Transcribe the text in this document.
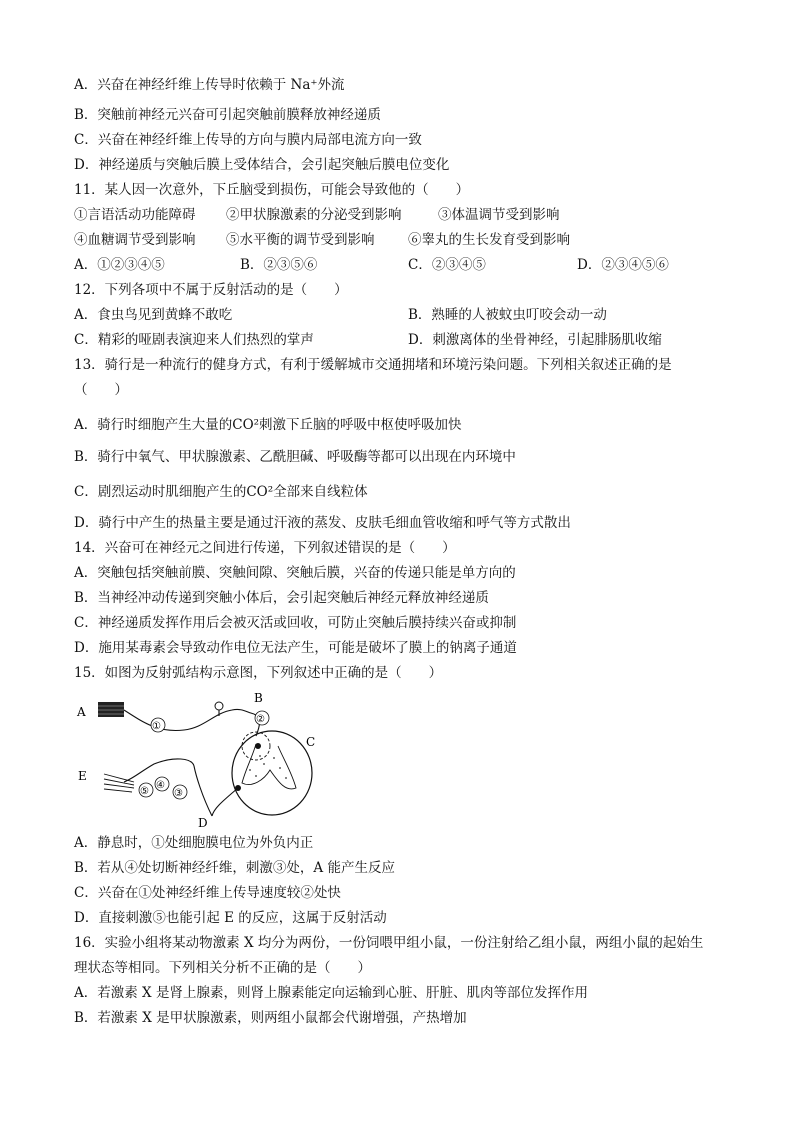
A．兴奋在神经纤维上传导时依赖于 Na⁺外流
B．突触前神经元兴奋可引起突触前膜释放神经递质
C．兴奋在神经纤维上传导的方向与膜内局部电流方向一致
D．神经递质与突触后膜上受体结合，会引起突触后膜电位变化
11．某人因一次意外，下丘脑受到损伤，可能会导致他的（　　）
①言语活动功能障碍 ②甲状腺激素的分泌受到影响	③体温调节受到影响
④血糖调节受到影响 ⑤水平衡的调节受到影响 ⑥睾丸的生长发育受到影响
A．①②③④⑤	B．②③⑤⑥	C．②③④⑤	D．②③④⑤⑥
12．下列各项中不属于反射活动的是（　　）
A．食虫鸟见到黄蜂不敢吃	B．熟睡的人被蚊虫叮咬会动一动
C．精彩的哑剧表演迎来人们热烈的掌声	D．刺激离体的坐骨神经，引起腓肠肌收缩
13．骑行是一种流行的健身方式，有利于缓解城市交通拥堵和环境污染问题。下列相关叙述正确的是
（　　）
A．骑行时细胞产生大量的CO²刺激下丘脑的呼吸中枢使呼吸加快
B．骑行中氧气、甲状腺激素、乙酰胆碱、呼吸酶等都可以出现在内环境中
C．剧烈运动时肌细胞产生的CO²全部来自线粒体
D．骑行中产生的热量主要是通过汗液的蒸发、皮肤毛细血管收缩和呼气等方式散出
14．兴奋可在神经元之间进行传递，下列叙述错误的是（　　）
A．突触包括突触前膜、突触间隙、突触后膜，兴奋的传递只能是单方向的
B．当神经冲动传递到突触小体后，会引起突触后神经元释放神经递质
C．神经递质发挥作用后会被灭活或回收，可防止突触后膜持续兴奋或抑制
D．施用某毒素会导致动作电位无法产生，可能是破坏了膜上的钠离子通道
15．如图为反射弧结构示意图，下列叙述中正确的是（　　）
A
B
C
D
E
①
②
③
④
⑤
A．静息时，①处细胞膜电位为外负内正
B．若从④处切断神经纤维，刺激③处，A 能产生反应
C．兴奋在①处神经纤维上传导速度较②处快
D．直接刺激⑤也能引起 E 的反应，这属于反射活动
16．实验小组将某动物激素 X 均分为两份，一份饲喂甲组小鼠，一份注射给乙组小鼠，两组小鼠的起始生
理状态等相同。下列相关分析不正确的是（　　）
A．若激素 X 是肾上腺素，则肾上腺素能定向运输到心脏、肝脏、肌肉等部位发挥作用
B．若激素 X 是甲状腺激素，则两组小鼠都会代谢增强，产热增加
